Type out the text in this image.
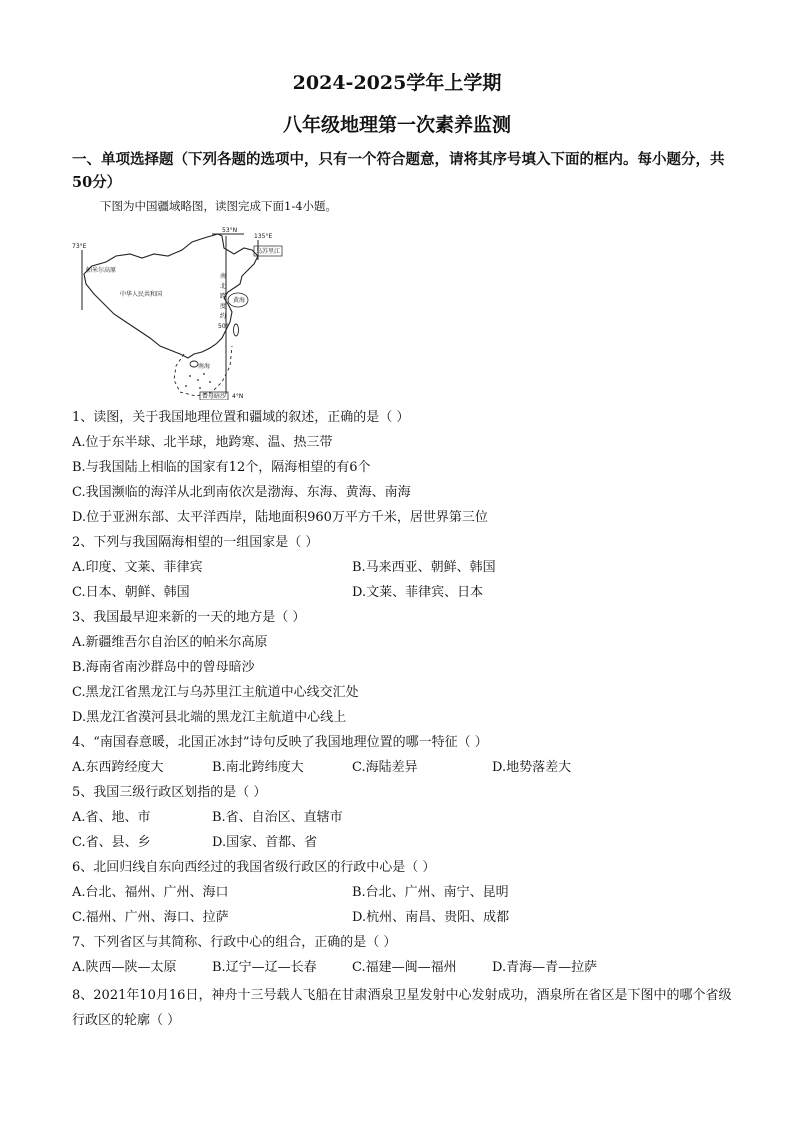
2024-2025学年上学期
八年级地理第一次素养监测
一、单项选择题（下列各题的选项中，只有一个符合题意，请将其序号填入下面的框内。每小题分，共50分）
下图为中国疆域略图，读图完成下面1-4小题。
73°E
135°E
53°N
4°N
帕米尔高原
中华人民共和国
乌苏里江
黄海
南
北
跨
度
约
50°
南海
曾母暗沙
1、读图，关于我国地理位置和疆域的叙述，正确的是（ ）
A.位于东半球、北半球，地跨寒、温、热三带
B.与我国陆上相临的国家有12个，隔海相望的有6个
C.我国濒临的海洋从北到南依次是渤海、东海、黄海、南海
D.位于亚洲东部、太平洋西岸，陆地面积960万平方千米，居世界第三位
2、下列与我国隔海相望的一组国家是（ ）
A.印度、文莱、菲律宾	B.马来西亚、朝鲜、韩国
C.日本、朝鲜、韩国	D.文莱、菲律宾、日本
3、我国最早迎来新的一天的地方是（ ）
A.新疆维吾尔自治区的帕米尔高原
B.海南省南沙群岛中的曾母暗沙
C.黑龙江省黑龙江与乌苏里江主航道中心线交汇处
D.黑龙江省漠河县北端的黑龙江主航道中心线上
4、“南国春意暖，北国正冰封”诗句反映了我国地理位置的哪一特征（ ）
A.东西跨经度大	B.南北跨纬度大	C.海陆差异	D.地势落差大
5、我国三级行政区划指的是（ ）
A.省、地、市	B.省、自治区、直辖市
C.省、县、乡	D.国家、首都、省
6、北回归线自东向西经过的我国省级行政区的行政中心是（ ）
A.台北、福州、广州、海口	B.台北、广州、南宁、昆明
C.福州、广州、海口、拉萨	D.杭州、南昌、贵阳、成都
7、下列省区与其简称、行政中心的组合，正确的是（ ）
A.陕西—陕—太原	B.辽宁—辽—长春	C.福建—闽—福州	D.青海—青—拉萨
8、2021年10月16日，神舟十三号载人飞船在甘肃酒泉卫星发射中心发射成功，酒泉所在省区是下图中的哪个省级行政区的轮廓（ ）
